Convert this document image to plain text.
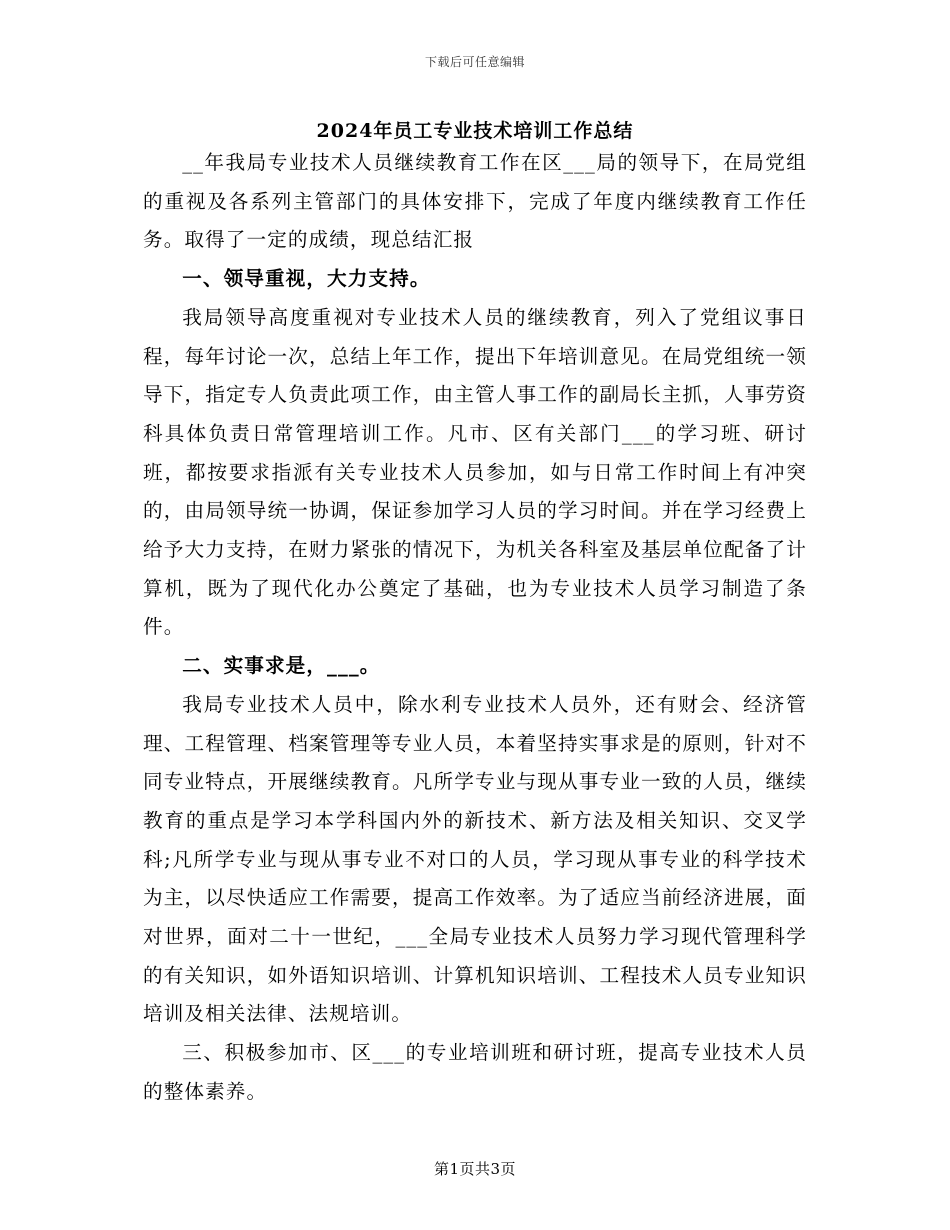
下载后可任意编辑
2024年员工专业技术培训工作总结

__年我局专业技术人员继续教育工作在区___局的领导下，在局党组的重视及各系列主管部门的具体安排下，完成了年度内继续教育工作任务。取得了一定的成绩，现总结汇报

一、领导重视，大力支持。

我局领导高度重视对专业技术人员的继续教育，列入了党组议事日程，每年讨论一次，总结上年工作，提出下年培训意见。在局党组统一领导下，指定专人负责此项工作，由主管人事工作的副局长主抓，人事劳资科具体负责日常管理培训工作。凡市、区有关部门___的学习班、研讨班，都按要求指派有关专业技术人员参加，如与日常工作时间上有冲突的，由局领导统一协调，保证参加学习人员的学习时间。并在学习经费上给予大力支持，在财力紧张的情况下，为机关各科室及基层单位配备了计算机，既为了现代化办公奠定了基础，也为专业技术人员学习制造了条件。

二、实事求是，___。

我局专业技术人员中，除水利专业技术人员外，还有财会、经济管理、工程管理、档案管理等专业人员，本着坚持实事求是的原则，针对不同专业特点，开展继续教育。凡所学专业与现从事专业一致的人员，继续教育的重点是学习本学科国内外的新技术、新方法及相关知识、交叉学科;凡所学专业与现从事专业不对口的人员，学习现从事专业的科学技术为主，以尽快适应工作需要，提高工作效率。为了适应当前经济进展，面对世界，面对二十一世纪，___全局专业技术人员努力学习现代管理科学的有关知识，如外语知识培训、计算机知识培训、工程技术人员专业知识培训及相关法律、法规培训。

三、积极参加市、区___的专业培训班和研讨班，提高专业技术人员的整体素养。

第1页共3页
